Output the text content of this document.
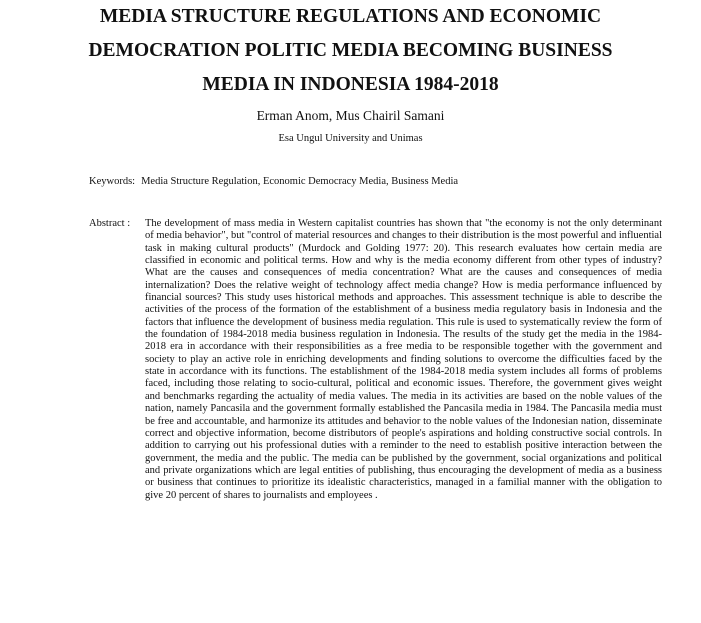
MEDIA STRUCTURE REGULATIONS AND ECONOMIC
DEMOCRATION POLITIC MEDIA BECOMING BUSINESS
MEDIA IN INDONESIA 1984-2018
Erman Anom, Mus Chairil Samani
Esa Ungul University and Unimas
Keywords: Media Structure Regulation, Economic Democracy Media, Business Media
Abstract : The development of mass media in Western capitalist countries has shown that "the economy is not the only determinant of media behavior", but "control of material resources and changes to their distribution is the most powerful and influential task in making cultural products" (Murdock and Golding 1977: 20). This research evaluates how certain media are classified in economic and political terms. How and why is the media economy different from other types of industry? What are the causes and consequences of media concentration? What are the causes and consequences of media internalization? Does the relative weight of technology affect media change? How is media performance influenced by financial sources? This study uses historical methods and approaches. This assessment technique is able to describe the activities of the process of the formation of the establishment of a business media regulatory basis in Indonesia and the factors that influence the development of business media regulation. This rule is used to systematically review the form of the foundation of 1984-2018 media business regulation in Indonesia. The results of the study get the media in the 1984-2018 era in accordance with their responsibilities as a free media to be responsible together with the government and society to play an active role in enriching developments and finding solutions to overcome the difficulties faced by the state in accordance with its functions. The establishment of the 1984-2018 media system includes all forms of problems faced, including those relating to socio-cultural, political and economic issues. Therefore, the government gives weight and benchmarks regarding the actuality of media values. The media in its activities are based on the noble values of the nation, namely Pancasila and the government formally established the Pancasila media in 1984. The Pancasila media must be free and accountable, and harmonize its attitudes and behavior to the noble values of the Indonesian nation, disseminate correct and objective information, become distributors of people's aspirations and holding constructive social controls. In addition to carrying out his professional duties with a reminder to the need to establish positive interaction between the government, the media and the public. The media can be published by the government, social organizations and political and private organizations which are legal entities of publishing, thus encouraging the development of media as a business or business that continues to prioritize its idealistic characteristics, managed in a familial manner with the obligation to give 20 percent of shares to journalists and employees .
